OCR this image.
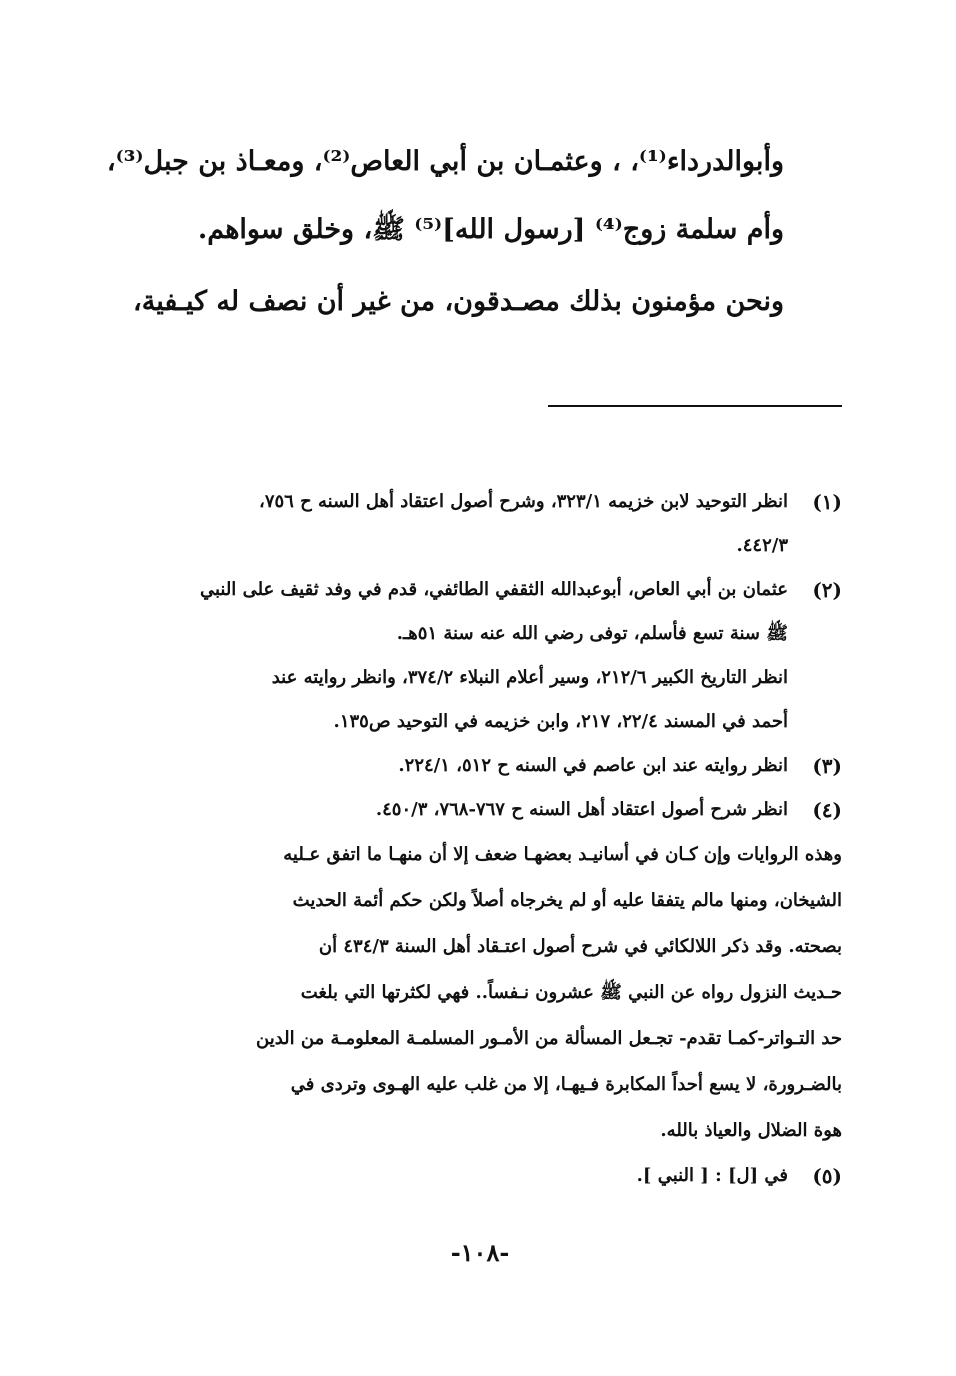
وأبوالدرداء⁽¹⁾، ، وعثمـان بن أبي العاص⁽²⁾، ومعـاذ بن جبل⁽³⁾،

وأم سلمة زوج⁽⁴⁾ [رسول الله]⁽⁵⁾ ﷺ، وخلق سواهم.

ونحن مؤمنون بذلك مصـدقون، من غير أن نصف له كيـفية،

(١)
انظر التوحيد لابن خزيمه ٣٢٣/١، وشرح أصول اعتقاد أهل السنه ح ٧٥٦،
٤٤٢/٣.
(٢)
عثمان بن أبي العاص، أبوعبدالله الثقفي الطائفي، قدم في وفد ثقيف على النبي
ﷺ سنة تسع فأسلم، توفى رضي الله عنه سنة ٥١هـ.
انظر التاريخ الكبير ٢١٢/٦، وسير أعلام النبلاء ٣٧٤/٢، وانظر روايته عند
أحمد في المسند ٢٢/٤، ٢١٧، وابن خزيمه في التوحيد ص١٣٥.
(٣)
انظر روايته عند ابن عاصم في السنه ح ٥١٢، ٢٢٤/١.
(٤)
انظر شرح أصول اعتقاد أهل السنه ح ٧٦٧-٧٦٨، ٤٥٠/٣.
وهذه الروايات وإن كـان في أسانيـد بعضهـا ضعف إلا أن منهـا ما اتفق عـليه
الشيخان، ومنها مالم يتفقا عليه أو لم يخرجاه أصلاً ولكن حكم أئمة الحديث
بصحته. وقد ذكر اللالكائي في شرح أصول اعتـقاد أهل السنة ٤٣٤/٣ أن
حـديث النزول رواه عن النبي ﷺ عشرون نـفساً.. فهي لكثرتها التي بلغت
حد التـواتر-كمـا تقدم- تجـعل المسألة من الأمـور المسلمـة المعلومـة من الدين
بالضـرورة، لا يسع أحداً المكابرة فـيهـا، إلا من غلب عليه الهـوى وتردى في
هوة الضلال والعياذ بالله.
(٥)
في [ل] : [ النبي ].
-١٠٨-
